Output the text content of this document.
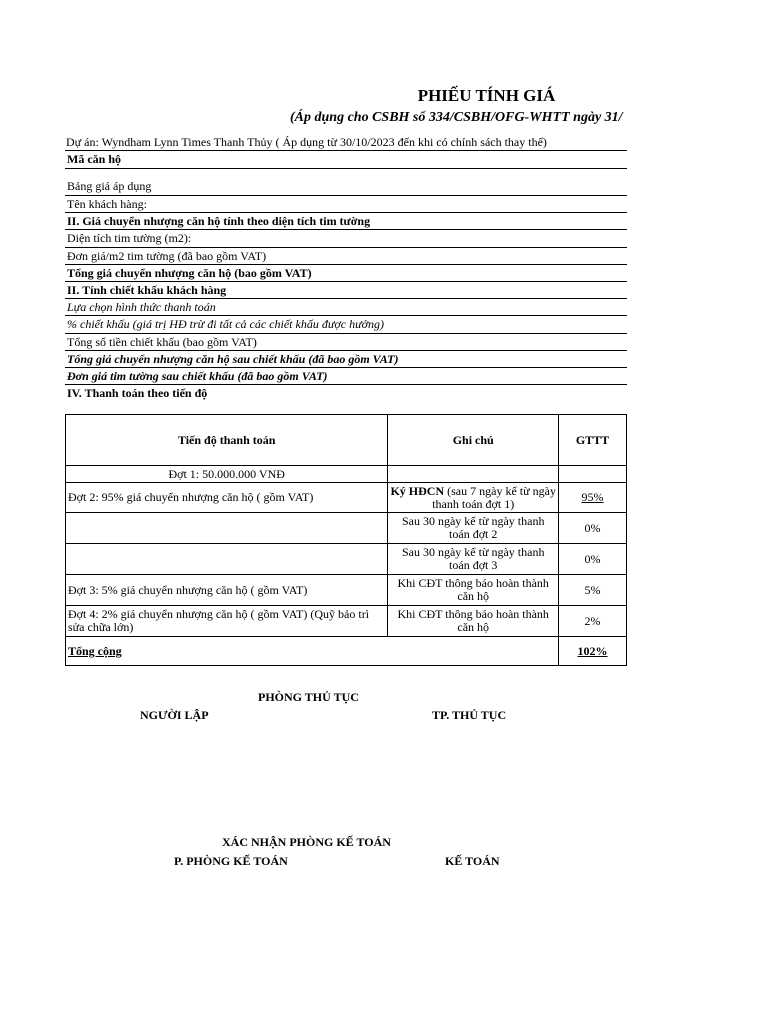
PHIẾU TÍNH GIÁ
(Áp dụng cho CSBH số 334/CSBH/OFG-WHTT ngày 31/
Dự án: Wyndham Lynn Times Thanh Thủy ( Áp dụng từ 30/10/2023 đến khi có chính sách thay thế)
Mã căn hộ
Bảng giá áp dụng
Tên khách hàng:
II. Giá chuyển nhượng căn hộ tính theo diện tích tim tường
Diện tích tim tường (m2):
Đơn giá/m2 tim tường (đã bao gồm VAT)
Tổng giá chuyển nhượng căn hộ (bao gồm VAT)
II. Tính chiết khấu khách hàng
Lựa chọn hình thức thanh toán
% chiết khấu (giá trị HĐ trừ đi tất cả các chiết khấu được hưởng)
Tổng số tiền chiết khấu (bao gồm VAT)
Tổng giá chuyển nhượng căn hộ sau chiết khấu (đã bao gồm VAT)
Đơn giá tim tường sau chiết khấu (đã bao gồm VAT)
IV. Thanh toán theo tiến độ
Tiến độ thanh toán	Ghi chú	GTTT
Đợt 1: 50.000.000 VNĐ		
Đợt 2: 95% giá chuyển nhượng căn hộ ( gồm VAT)	Ký HĐCN (sau 7 ngày kể từ ngày thanh toán đợt 1)	95%
	Sau 30 ngày kể từ ngày thanh toán đợt 2	0%
	Sau 30 ngày kể từ ngày thanh toán đợt 3	0%
Đợt 3: 5% giá chuyển nhượng căn hộ ( gồm VAT)	Khi CĐT thông báo hoàn thành căn hộ	5%
Đợt 4: 2% giá chuyển nhượng căn hộ ( gồm VAT) (Quỹ bảo trì sửa chữa lớn)	Khi CĐT thông báo hoàn thành căn hộ	2%
Tổng cộng		102%
PHÒNG THỦ TỤC
NGƯỜI LẬP	TP. THỦ TỤC
XÁC NHẬN PHÒNG KẾ TOÁN
P. PHÒNG KẾ TOÁN	KẾ TOÁN
